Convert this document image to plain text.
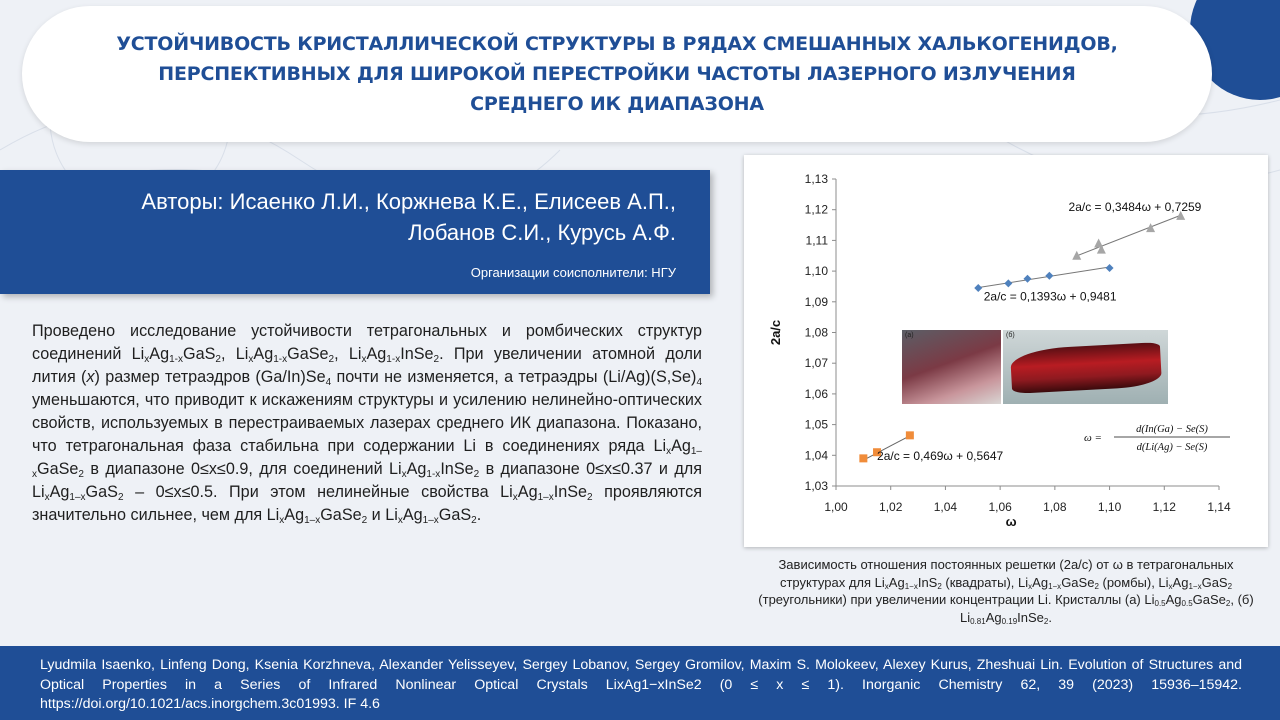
УСТОЙЧИВОСТЬ КРИСТАЛЛИЧЕСКОЙ СТРУКТУРЫ В РЯДАХ СМЕШАННЫХ ХАЛЬКОГЕНИДОВ, ПЕРСПЕКТИВНЫХ ДЛЯ ШИРОКОЙ ПЕРЕСТРОЙКИ ЧАСТОТЫ ЛАЗЕРНОГО ИЗЛУЧЕНИЯ СРЕДНЕГО ИК ДИАПАЗОНА
Авторы: Исаенко Л.И., Коржнева К.Е., Елисеев А.П.,
Лобанов С.И., Курусь А.Ф.
Организации соисполнители: НГУ
Проведено исследование устойчивости тетрагональных и ромбических структур соединений $Li_xAg_{1-x}GaS_2$, $Li_xAg_{1-x}GaSe_2$, $Li_xAg_{1-x}InSe_2$. При увеличении атомной доли лития (x) размер тетраэдров $(Ga/In)Se_4$ почти не изменяется, а тетраэдры $(Li/Ag)(S,Se)_4$ уменьшаются, что приводит к искажениям структуры и усилению нелинейно-оптических свойств, используемых в перестраиваемых лазерах среднего ИК диапазона. Показано, что тетрагональная фаза стабильна при содержании Li в соединениях ряда $Li_xAg_{1-x}GaSe_2$ в диапазоне 0≤x≤0.9, для соединений $Li_xAg_{1-x}InSe_2$ в диапазоне 0≤x≤0.37 и для $Li_xAg_{1-x}GaS_2 - 0\le x\le 0.5$. При этом нелинейные свойства $Li_xAg_{1-x}InSe_2$ проявляются значительно сильнее, чем для $Li_xAg_{1-x}GaSe_2$ и $Li_xAg_{1-x}GaS_2$.
1,03
1,04
1,05
1,06
1,07
1,08
1,09
1,10
1,11
1,12
1,13
1,00	1,02	1,04	1,06	1,08	1,10	1,12	1,14
2a/c
ω
2a/c = 0,3484ω + 0,7259
2a/c = 0,1393ω + 0,9481
2a/c = 0,469ω + 0,5647
ω =
d(In(Ga) − Se(S)
d(Li(Ag) − Se(S)
(a)	(б)
Зависимость отношения постоянных решетки (2a/c) от ω в тетрагональных структурах для $Li_xAg_{1-x}InS_2$ (квадраты), $Li_xAg_{1-x}GaSe_2$ (ромбы), $Li_xAg_{1-x}GaS_2$ (треугольники) при увеличении концентрации Li. Кристаллы (а) $Li_{0.5}Ag_{0.5}GaSe_2$, (б) $Li_{0.81}Ag_{0.19}InSe_2$.
Lyudmila Isaenko, Linfeng Dong, Ksenia Korzhneva, Alexander Yelisseyev, Sergey Lobanov, Sergey Gromilov, Maxim S. Molokeev, Alexey Kurus, Zheshuai Lin. Evolution of Structures and Optical Properties in a Series of Infrared Nonlinear Optical Crystals LixAg1−xInSe2 (0 ≤ x ≤ 1). Inorganic Chemistry 62, 39 (2023) 15936–15942. https://doi.org/10.1021/acs.inorgchem.3c01993. IF 4.6
